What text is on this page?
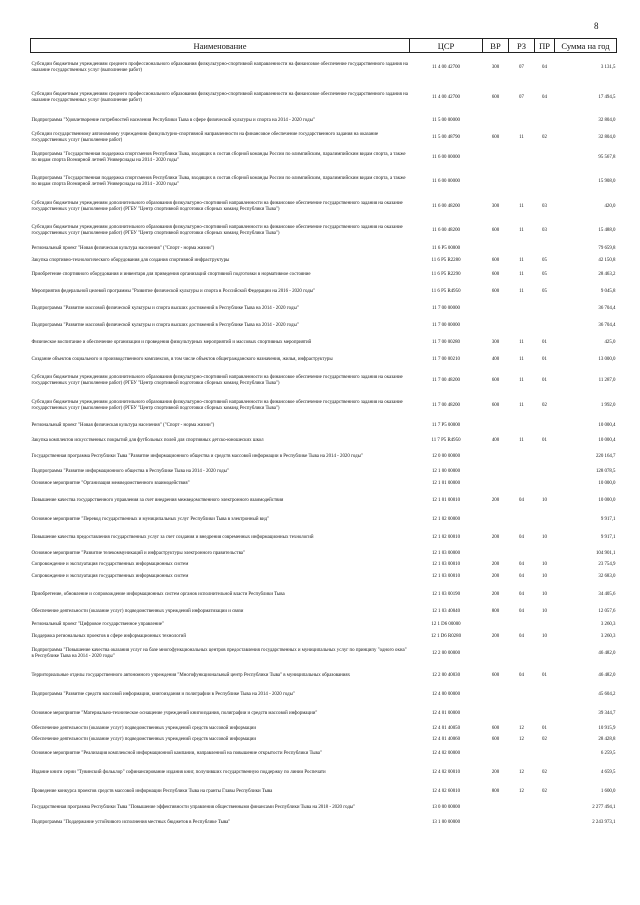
8
Наименование	ЦСР	ВР	РЗ	ПР	Сумма на год
Субсидии бюджетным учреждениям среднего профессионального образования физкультурно-спортивной направленности на финансовое обеспечение государственного задания на оказание государственных услуг (выполнение работ)	11 4 00 42700	300	07	04	3 131,5
Субсидии бюджетным учреждениям среднего профессионального образования физкультурно-спортивной направленности на финансовое обеспечение государственного задания на оказание государственных услуг (выполнение работ)	11 4 00 42700	600	07	04	17 494,5
Подпрограмма "Удовлетворение потребностей населения Республики Тыва в сфере физической культуры и спорта на 2014 - 2020 годы"	11 5 00 00000				32 804,0
Субсидии государственному автономному учреждению физкультурно-спортивной направленности на финансовое обеспечение государственного задания на оказание государственных услуг (выполнение работ)	11 5 00 48790	600	11	02	32 804,0
Подпрограмма "Государственная поддержка спортсменов Республики Тыва, входящих в состав сборной команды России по олимпийским, паралимпийским видам спорта, а также по видам спорта Всемирной летней Универсиады на 2014 - 2020 годы"	11 6 00 00000				95 567,8
Подпрограмма "Государственная поддержка спортсменов Республики Тыва, входящих в состав сборной команды России по олимпийским, паралимпийским видам спорта, а также по видам спорта Всемирной летней Универсиады на 2014 - 2020 годы"	11 6 00 00000				15 908,0
Субсидии бюджетным учреждениям дополнительного образования физкультурно-спортивной направленности на финансовое обеспечение государственного задания на оказание государственных услуг (выполнение работ) (РГБУ "Центр спортивной подготовки сборных команд Республики Тыва")	11 6 00 48200	300	11	03	420,0
Субсидии бюджетным учреждениям дополнительного образования физкультурно-спортивной направленности на финансовое обеспечение государственного задания на оказание государственных услуг (выполнение работ) (РГБУ "Центр спортивной подготовки сборных команд Республики Тыва")	11 6 00 48200	600	11	03	15 488,0
Региональный проект "Новая физическая культура населения" ("Спорт - норма жизни")	11 6 P5 00000				79 659,8
Закупка спортивно-технологического оборудования для создания спортивной инфраструктуры	11 6 P5 R2280	600	11	05	42 150,8
Приобретение спортивного оборудования и инвентаря для приведения организаций спортивной подготовки в нормативное состояние	11 6 P5 R2290	600	11	05	28 463,2
Мероприятия федеральной целевой программы "Развитие физической культуры и спорта в Российской Федерации на 2016 - 2020 годы"	11 6 P5 R4950	600	11	05	9 045,8
Подпрограмма "Развитие массовой физической культуры и спорта высших достижений в Республике Тыва на 2014 - 2020 годы"	11 7 00 00000				36 704,4
Подпрограмма "Развитие массовой физической культуры и спорта высших достижений в Республике Тыва на 2014 - 2020 годы"	11 7 00 00000				36 704,4
Физическое воспитание и обеспечение организации и проведения физкультурных мероприятий и массовых спортивных мероприятий	11 7 00 00280	300	11	01	425,0
Создание объектов социального и производственного комплексов, в том числе объектов общегражданского назначения, жилья, инфраструктуры	11 7 00 00210	400	11	01	13 000,0
Субсидии бюджетным учреждениям дополнительного образования физкультурно-спортивной направленности на финансовое обеспечение государственного задания на оказание государственных услуг (выполнение работ) (РГБУ "Центр спортивной подготовки сборных команд Республики Тыва")	11 7 00 48200	600	11	01	11 287,0
Субсидии бюджетным учреждениям дополнительного образования физкультурно-спортивной направленности на финансовое обеспечение государственного задания на оказание государственных услуг (выполнение работ) (РГБУ "Центр спортивной подготовки сборных команд Республики Тыва")	11 7 00 48200	600	11	02	1 992,0
Региональный проект "Новая физическая культура населения" ("Спорт - норма жизни")	11 7 P5 00000				10 000,4
Закупка комплектов искусственных покрытий для футбольных полей для спортивных детско-юношеских школ	11 7 P5 R4950	400	11	01	10 000,4
Государственная программа Республики Тыва "Развитие информационного общества и средств массовой информации в Республике Тыва на 2014 - 2020 годы"	12 0 00 00000				220 164,7
Подпрограмма "Развитие информационного общества в Республике Тыва на 2014 - 2020 годы"	12 1 00 00000				128 078,5
Основное мероприятие "Организация межведомственного взаимодействия"	12 1 01 00000				10 000,0
Повышение качества государственного управления за счет внедрения межведомственного электронного взаимодействия	12 1 01 00010	200	04	10	10 000,0
Основное мероприятие "Перевод государственных и муниципальных услуг Республики Тыва в электронный вид"	12 1 02 00000				9 917,1
Повышение качества предоставления государственных услуг за счет создания и внедрения современных информационных технологий	12 1 02 00010	200	04	10	9 917,1
Основное мероприятие "Развитие телекоммуникаций и инфраструктуры электронного правительства"	12 1 03 00000				104 901,1
Сопровождение и эксплуатация государственных информационных систем	12 1 03 00010	200	04	10	23 754,9
Сопровождение и эксплуатация государственных информационных систем	12 1 03 00010	200	04	10	32 683,0
Приобретение, обновление и сопровождение информационных систем органов исполнительной власти Республики Тыва	12 1 03 00190	200	04	10	34 405,6
Обеспечение деятельности (оказание услуг) подведомственных учреждений информатизации и связи	12 1 03 40040	800	04	10	12 057,6
Региональный проект "Цифровое государственное управление"	12 1 D6 00000				3 260,3
Поддержка региональных проектов в сфере информационных технологий	12 1 D6 R0280	200	04	10	3 260,3
Подпрограмма "Повышение качества оказания услуг на базе многофункциональных центров предоставления государственных и муниципальных услуг по принципу "одного окна" в Республике Тыва на 2014 - 2020 годы"	12 2 00 00000				46 482,0
Территориальные отделы государственного автономного учреждения "Многофункциональный центр Республики Тыва" в муниципальных образованиях	12 2 00 40030	600	04	01	46 482,0
Подпрограмма "Развитие средств массовой информации, книгоиздания и полиграфии в Республике Тыва на 2014 - 2020 годы"	12 4 00 00000				45 604,2
Основное мероприятие "Материально-техническое оснащение учреждений книгоиздания, полиграфии и средств массовой информации"	12 4 01 00000				39 344,7
Обеспечение деятельности (оказание услуг) подведомственных учреждений средств массовой информации	12 4 01 40050	600	12	01	10 915,9
Обеспечение деятельности (оказание услуг) подведомственных учреждений средств массовой информации	12 4 01 40060	600	12	02	28 428,8
Основное мероприятие "Реализация комплексной информационной кампании, направленной на повышение открытости Республики Тыва"	12 4 02 00000				6 259,5
Издание книги серии "Тувинский фольклор" софинансирование издания книг, получивших государственную поддержку по линии Роспечати	12 4 02 00010	200	12	02	4 659,5
Проведение конкурса проектов средств массовой информации Республики Тыва на гранты Главы Республики Тыва	12 4 02 60010	800	12	02	1 600,0
Государственная программа Республики Тыва "Повышение эффективности управления общественными финансами Республики Тыва на 2018 - 2020 годы"	13 0 00 00000				2 277 494,1
Подпрограмма "Поддержание устойчивого исполнения местных бюджетов в Республике Тыва"	13 1 00 00000				2 243 973,1
